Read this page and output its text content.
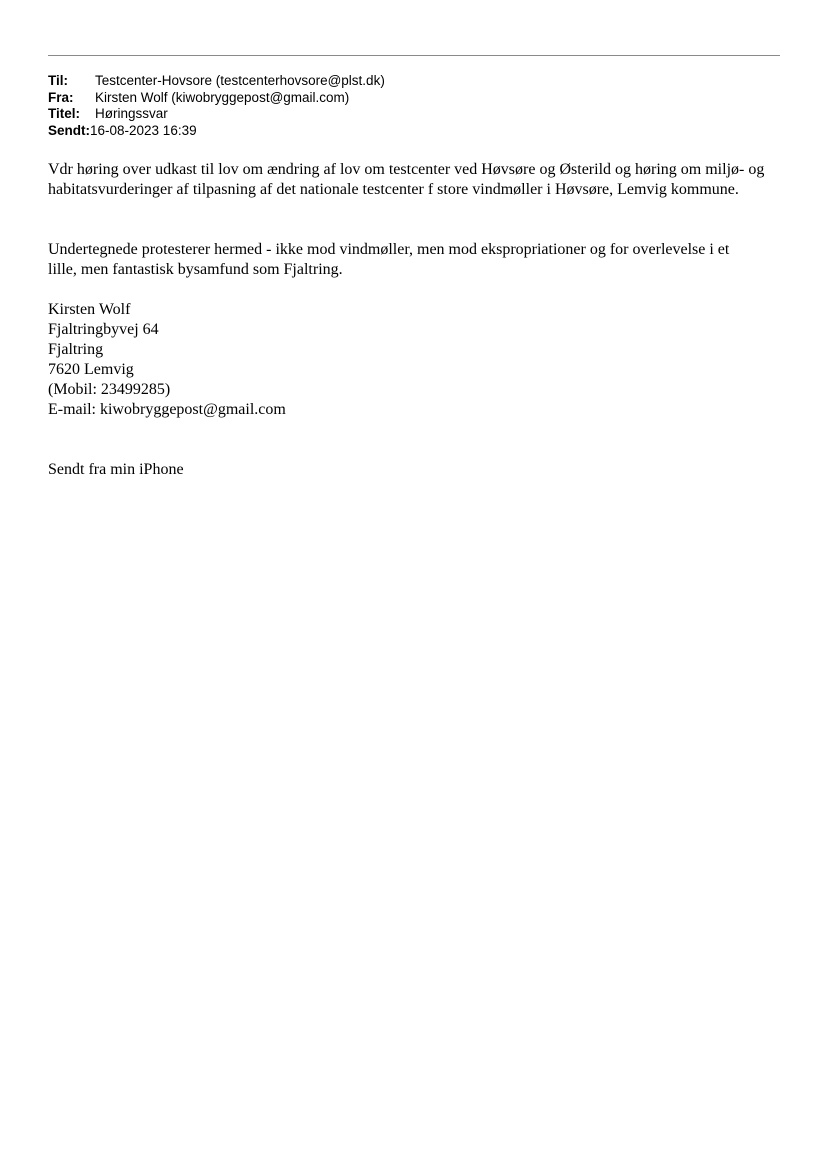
Til:	Testcenter-Hovsore (testcenterhovsore@plst.dk)
Fra:	Kirsten Wolf (kiwobryggepost@gmail.com)
Titel:	Høringssvar
Sendt: 16-08-2023 16:39

Vdr høring over udkast til lov om ændring af lov om testcenter ved Høvsøre og Østerild og høring om miljø- og habitatsvurderinger af tilpasning af det nationale testcenter f store vindmøller i Høvsøre, Lemvig kommune.

Undertegnede protesterer hermed - ikke mod vindmøller, men mod ekspropriationer og for overlevelse i et lille, men fantastisk bysamfund som Fjaltring.

Kirsten Wolf
Fjaltringbyvej 64
Fjaltring
7620 Lemvig
(Mobil: 23499285)
E-mail: kiwobryggepost@gmail.com

Sendt fra min iPhone
